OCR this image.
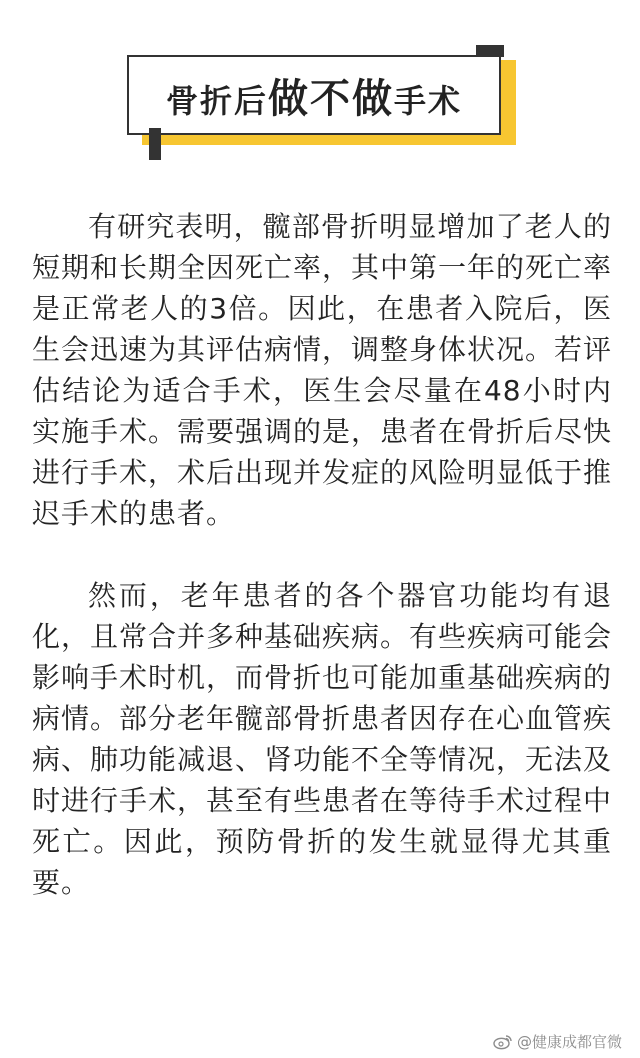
骨折后 做不做 手术

有研究表明，髋部骨折明显增加了老人的短期和长期全因死亡率，其中第一年的死亡率是正常老人的3倍。因此，在患者入院后，医生会迅速为其评估病情，调整身体状况。若评估结论为适合手术，医生会尽量在48小时内实施手术。需要强调的是，患者在骨折后尽快进行手术，术后出现并发症的风险明显低于推迟手术的患者。

然而，老年患者的各个器官功能均有退化，且常合并多种基础疾病。有些疾病可能会影响手术时机，而骨折也可能加重基础疾病的病情。部分老年髋部骨折患者因存在心血管疾病、肺功能减退、肾功能不全等情况，无法及时进行手术，甚至有些患者在等待手术过程中死亡。因此，预防骨折的发生就显得尤其重要。

@健康成都官微
